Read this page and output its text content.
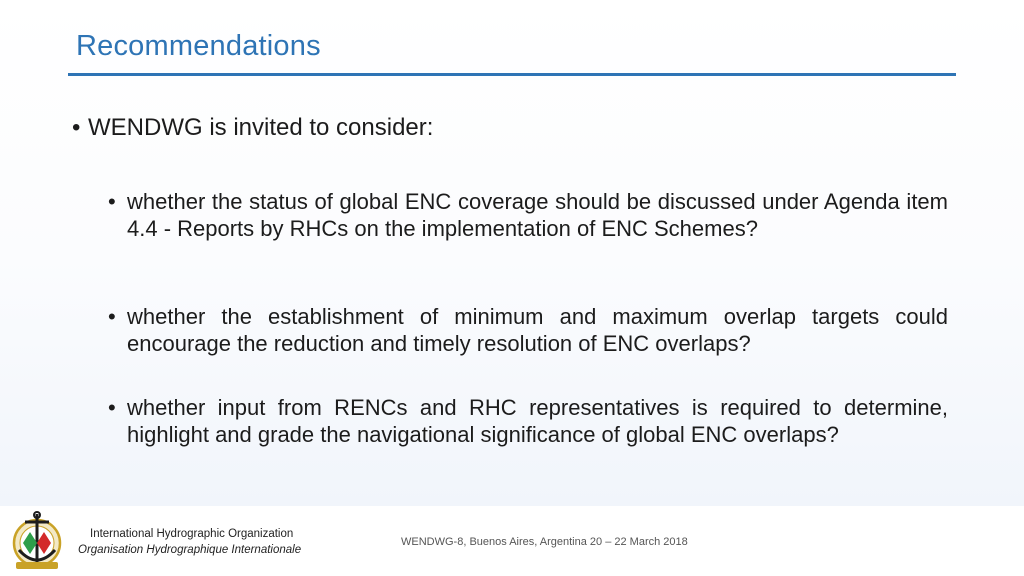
Recommendations
• WENDWG is invited to consider:
• whether the status of global ENC coverage should be discussed under Agenda item 4.4 - Reports by RHCs on the implementation of ENC Schemes?
• whether the establishment of minimum and maximum overlap targets could encourage the reduction and timely resolution of ENC overlaps?
• whether input from RENCs and RHC representatives is required to determine, highlight and grade the navigational significance of global ENC overlaps?
International Hydrographic Organization
Organisation Hydrographique Internationale
WENDWG-8, Buenos Aires, Argentina 20 – 22 March 2018
